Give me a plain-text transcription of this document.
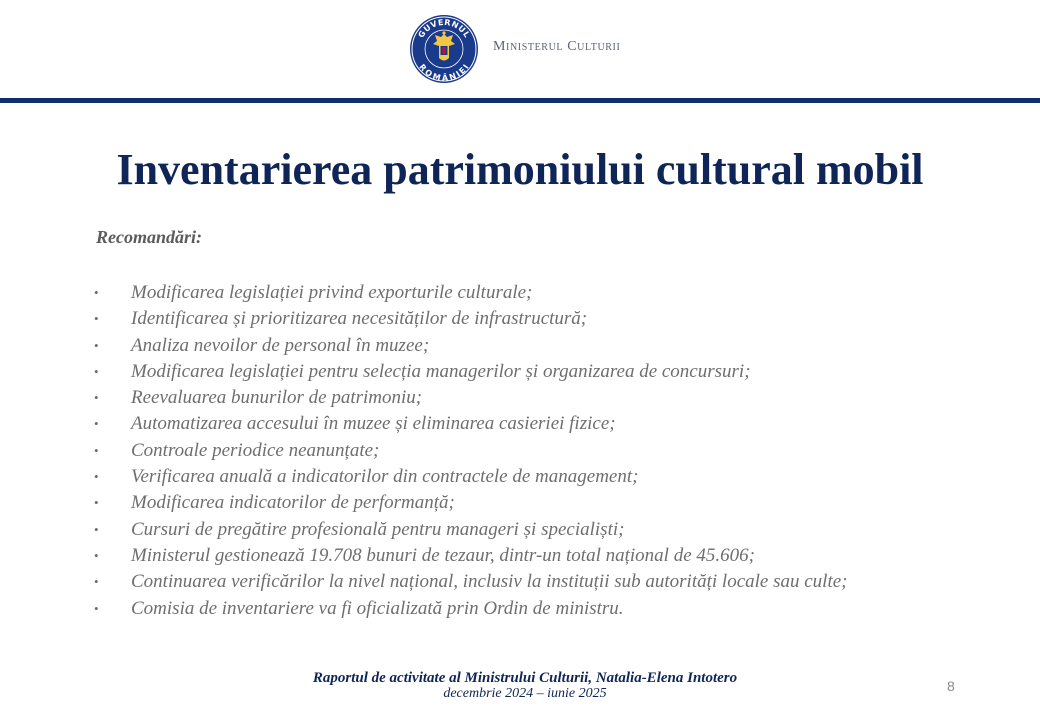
GUVERNUL
ROMÂNIEI
Ministerul Culturii
Inventarierea patrimoniului cultural mobil
Recomandări:
• Modificarea legislației privind exporturile culturale;
• Identificarea și prioritizarea necesităților de infrastructură;
• Analiza nevoilor de personal în muzee;
• Modificarea legislației pentru selecția managerilor și organizarea de concursuri;
• Reevaluarea bunurilor de patrimoniu;
• Automatizarea accesului în muzee și eliminarea casieriei fizice;
• Controale periodice neanunțate;
• Verificarea anuală a indicatorilor din contractele de management;
• Modificarea indicatorilor de performanță;
• Cursuri de pregătire profesională pentru manageri și specialiști;
• Ministerul gestionează 19.708 bunuri de tezaur, dintr-un total național de 45.606;
• Continuarea verificărilor la nivel național, inclusiv la instituții sub autorități locale sau culte;
• Comisia de inventariere va fi oficializată prin Ordin de ministru.
Raportul de activitate al Ministrului Culturii, Natalia-Elena Intotero
decembrie 2024 – iunie 2025	8
